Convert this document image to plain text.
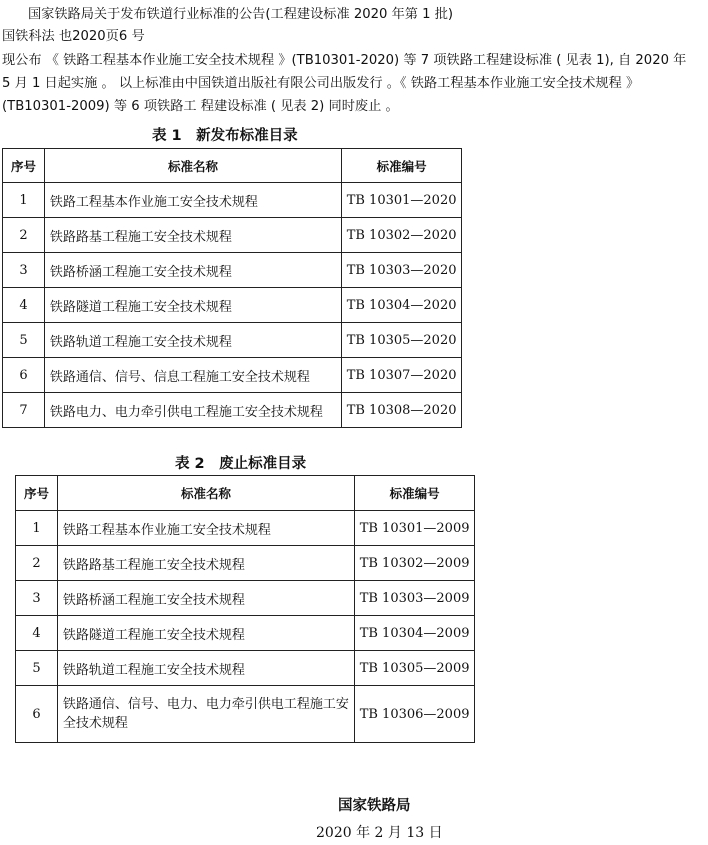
国家铁路局关于发布铁道行业标准的公告(工程建设标准 2020 年第 1 批)
国铁科法 也2020页6 号
现公布 《 铁路工程基本作业施工安全技术规程 》(TB10301-2020) 等 7 项铁路工程建设标准 ( 见表 1), 自 2020 年
5 月 1 日起实施 。 以上标准由中国铁道出版社有限公司出版发行 。《 铁路工程基本作业施工安全技术规程 》
(TB10301-2009) 等 6 项铁路工 程建设标准 ( 见表 2) 同时废止 。
表 1　新发布标准目录
序号	标准名称	标准编号
1	铁路工程基本作业施工安全技术规程	TB 10301—2020
2	铁路路基工程施工安全技术规程	TB 10302—2020
3	铁路桥涵工程施工安全技术规程	TB 10303—2020
4	铁路隧道工程施工安全技术规程	TB 10304—2020
5	铁路轨道工程施工安全技术规程	TB 10305—2020
6	铁路通信、信号、信息工程施工安全技术规程	TB 10307—2020
7	铁路电力、电力牵引供电工程施工安全技术规程	TB 10308—2020
表 2　废止标准目录
序号	标准名称	标准编号
1	铁路工程基本作业施工安全技术规程	TB 10301—2009
2	铁路路基工程施工安全技术规程	TB 10302—2009
3	铁路桥涵工程施工安全技术规程	TB 10303—2009
4	铁路隧道工程施工安全技术规程	TB 10304—2009
5	铁路轨道工程施工安全技术规程	TB 10305—2009
6	铁路通信、信号、电力、电力牵引供电工程施工安全技术规程	TB 10306—2009
国家铁路局
2020 年 2 月 13 日
